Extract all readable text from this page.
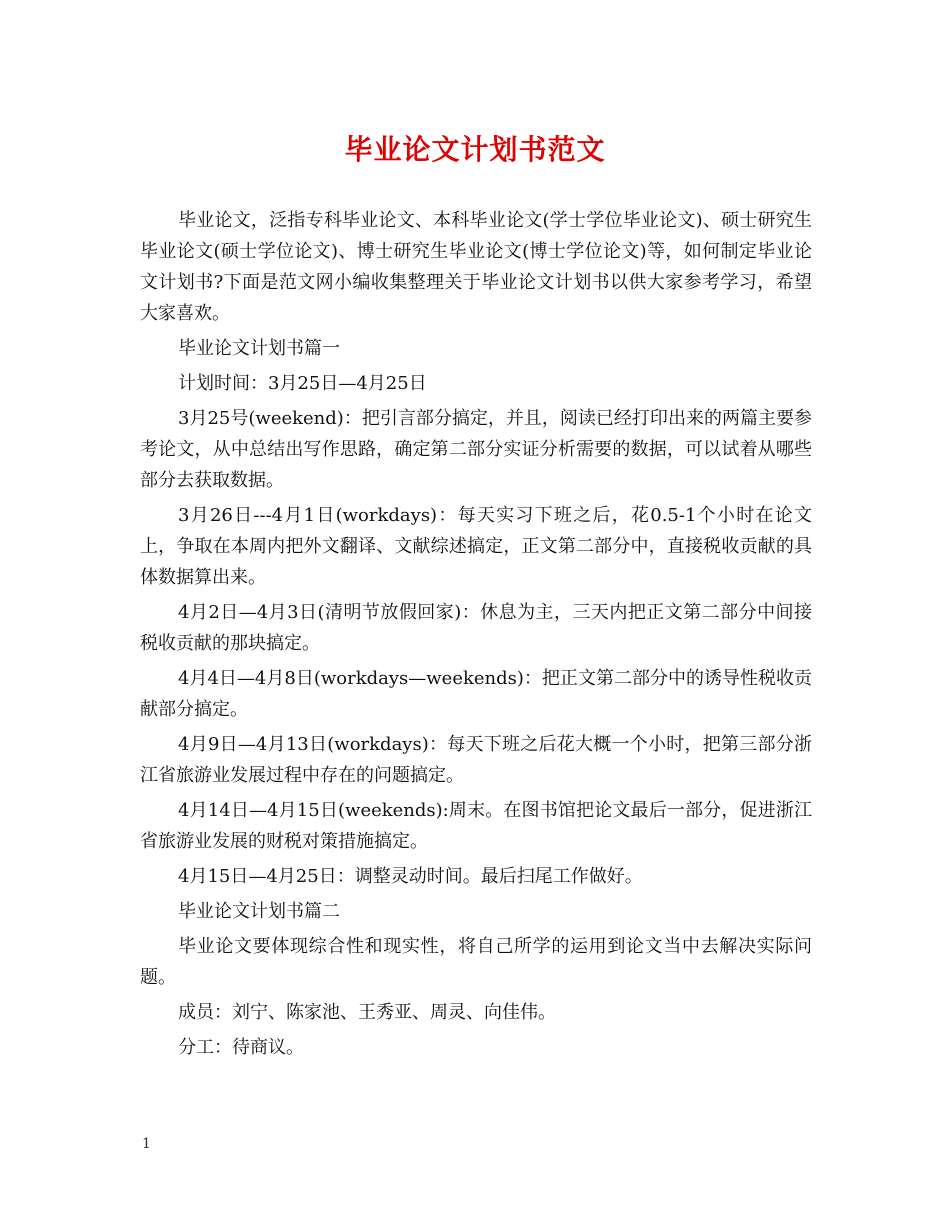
毕业论文计划书范文

毕业论文，泛指专科毕业论文、本科毕业论文(学士学位毕业论文)、硕士研究生毕业论文(硕士学位论文)、博士研究生毕业论文(博士学位论文)等，如何制定毕业论文计划书?下面是范文网小编收集整理关于毕业论文计划书以供大家参考学习，希望大家喜欢。

毕业论文计划书篇一

计划时间：3月25日—4月25日

3月25号(weekend)：把引言部分搞定，并且，阅读已经打印出来的两篇主要参考论文，从中总结出写作思路，确定第二部分实证分析需要的数据，可以试着从哪些部分去获取数据。

3月26日---4月1日(workdays)：每天实习下班之后，花0.5-1个小时在论文上，争取在本周内把外文翻译、文献综述搞定，正文第二部分中，直接税收贡献的具体数据算出来。

4月2日—4月3日(清明节放假回家)：休息为主，三天内把正文第二部分中间接税收贡献的那块搞定。

4月4日—4月8日(workdays—weekends)：把正文第二部分中的诱导性税收贡献部分搞定。

4月9日—4月13日(workdays)：每天下班之后花大概一个小时，把第三部分浙江省旅游业发展过程中存在的问题搞定。

4月14日—4月15日(weekends):周末。在图书馆把论文最后一部分，促进浙江省旅游业发展的财税对策措施搞定。

4月15日—4月25日：调整灵动时间。最后扫尾工作做好。

毕业论文计划书篇二

毕业论文要体现综合性和现实性，将自己所学的运用到论文当中去解决实际问题。

成员：刘宁、陈家池、王秀亚、周灵、向佳伟。

分工：待商议。

1
